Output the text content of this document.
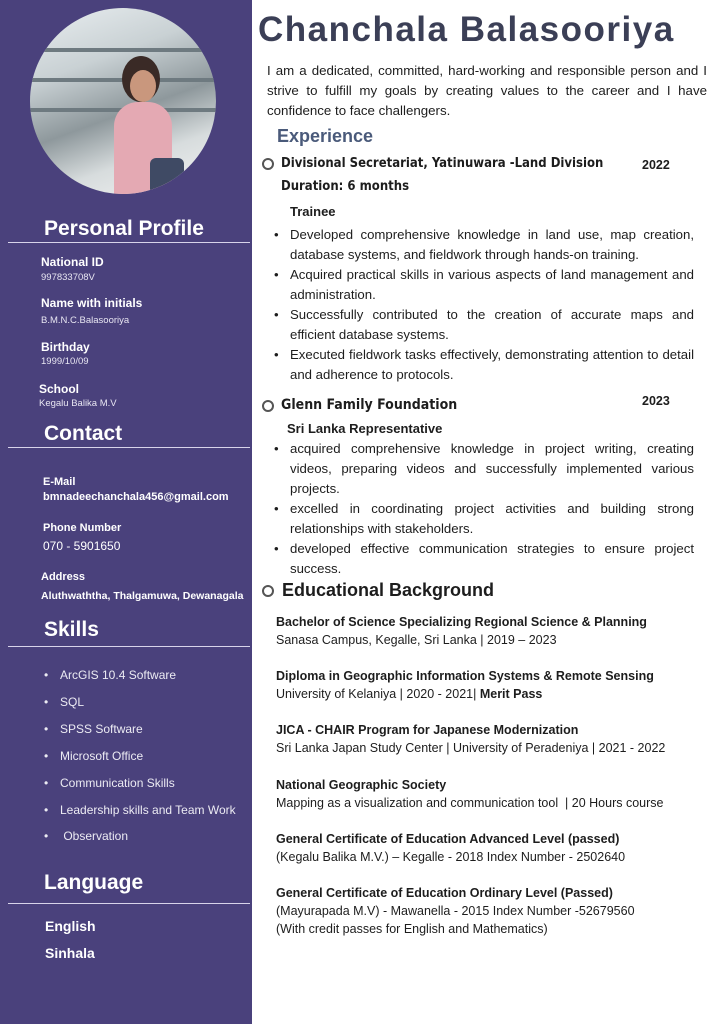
Personal Profile
National ID
997833708V
Name with initials
B.M.N.C.Balasooriya
Birthday
1999/10/09
School
Kegalu Balika M.V
Contact
E-Mail
bmnadeechanchala456@gmail.com
Phone Number
070 - 5901650
Address
Aluthwaththa, Thalgamuwa, Dewanagala
Skills
• ArcGIS 10.4 Software
• SQL
• SPSS Software
• Microsoft Office
• Communication Skills
• Leadership skills and Team Work
• Observation
Language
English
Sinhala
Chanchala Balasooriya
I am a dedicated, committed, hard-working and responsible person and I strive to fulfill my goals by creating values to the career and I have confidence to face challengers.
Experience
Divisional Secretariat, Yatinuwara -Land Division	2022
Duration: 6 months
Trainee
• Developed comprehensive knowledge in land use, map creation, database systems, and fieldwork through hands-on training.
• Acquired practical skills in various aspects of land management and administration.
• Successfully contributed to the creation of accurate maps and efficient database systems.
• Executed fieldwork tasks effectively, demonstrating attention to detail and adherence to protocols.
Glenn Family Foundation	2023
Sri Lanka Representative
• acquired comprehensive knowledge in project writing, creating videos, preparing videos and successfully implemented various projects.
• excelled in coordinating project activities and building strong relationships with stakeholders.
• developed effective communication strategies to ensure project success.
Educational Background
Bachelor of Science Specializing Regional Science & Planning
Sanasa Campus, Kegalle, Sri Lanka | 2019 – 2023
Diploma in Geographic Information Systems & Remote Sensing
University of Kelaniya | 2020 - 2021| Merit Pass
JICA - CHAIR Program for Japanese Modernization
Sri Lanka Japan Study Center | University of Peradeniya | 2021 - 2022
National Geographic Society
Mapping as a visualization and communication tool  | 20 Hours course
General Certificate of Education Advanced Level (passed)
(Kegalu Balika M.V.) – Kegalle - 2018 Index Number - 2502640
General Certificate of Education Ordinary Level (Passed)
(Mayurapada M.V) - Mawanella - 2015 Index Number -52679560
(With credit passes for English and Mathematics)
